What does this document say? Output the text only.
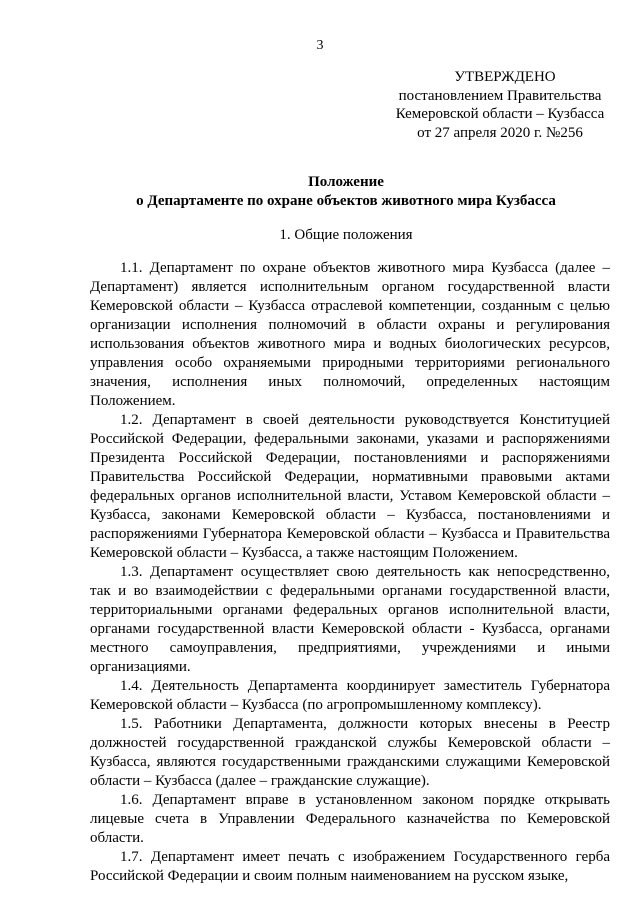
3
УТВЕРЖДЕНО
постановлением Правительства
Кемеровской области – Кузбасса
от 27 апреля 2020 г. №256
Положение
о Департаменте по охране объектов животного мира Кузбасса
1. Общие положения

1.1. Департамент по охране объектов животного мира Кузбасса (далее – Департамент) является исполнительным органом государственной власти Кемеровской области – Кузбасса отраслевой компетенции, созданным с целью организации исполнения полномочий в области охраны и регулирования использования объектов животного мира и водных биологических ресурсов, управления особо охраняемыми природными территориями регионального значения, исполнения иных полномочий, определенных настоящим Положением.

1.2. Департамент в своей деятельности руководствуется Конституцией Российской Федерации, федеральными законами, указами и распоряжениями Президента Российской Федерации, постановлениями и распоряжениями Правительства Российской Федерации, нормативными правовыми актами федеральных органов исполнительной власти, Уставом Кемеровской области – Кузбасса, законами Кемеровской области – Кузбасса, постановлениями и распоряжениями Губернатора Кемеровской области – Кузбасса и Правительства Кемеровской области – Кузбасса, а также настоящим Положением.

1.3. Департамент осуществляет свою деятельность как непосредственно, так и во взаимодействии с федеральными органами государственной власти, территориальными органами федеральных органов исполнительной власти, органами государственной власти Кемеровской области - Кузбасса, органами местного самоуправления, предприятиями, учреждениями и иными организациями.

1.4. Деятельность Департамента координирует заместитель Губернатора Кемеровской области – Кузбасса (по агропромышленному комплексу).

1.5. Работники Департамента, должности которых внесены в Реестр должностей государственной гражданской службы Кемеровской области – Кузбасса, являются государственными гражданскими служащими Кемеровской области – Кузбасса (далее – гражданские служащие).

1.6. Департамент вправе в установленном законом порядке открывать лицевые счета в Управлении Федерального казначейства по Кемеровской области.

1.7. Департамент имеет печать с изображением Государственного герба Российской Федерации и своим полным наименованием на русском языке,
